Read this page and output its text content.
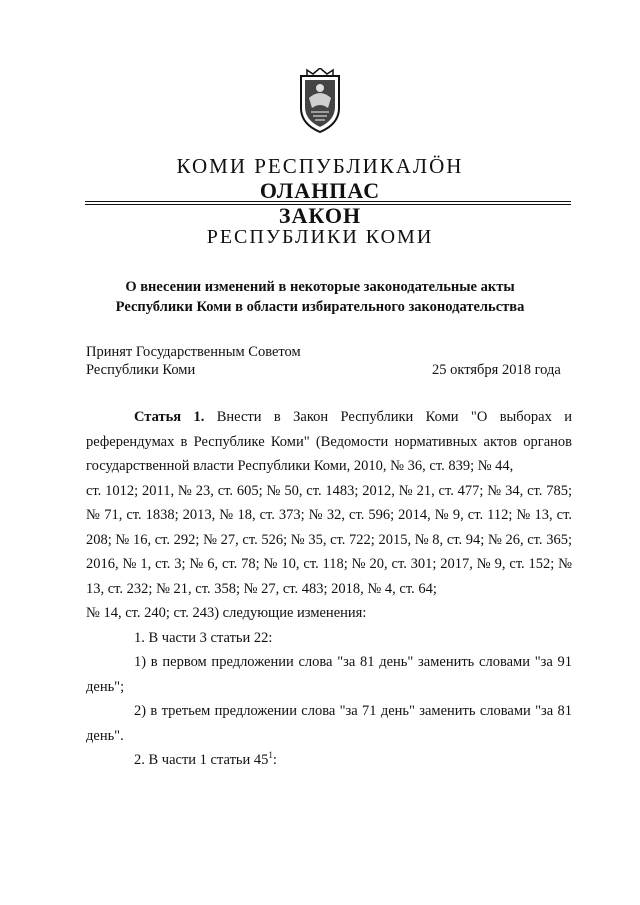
КОМИ РЕСПУБЛИКАЛӦН
ОЛАНПАС
ЗАКОН
РЕСПУБЛИКИ КОМИ
О внесении изменений в некоторые законодательные акты
Республики Коми в области избирательного законодательства
Принят Государственным Советом
Республики Коми	25 октября 2018 года

Статья 1. Внести в Закон Республики Коми "О выборах и референдумах в Республике Коми" (Ведомости нормативных актов органов государственной власти Республики Коми, 2010, № 36, ст. 839; № 44,

ст. 1012; 2011, № 23, ст. 605; № 50, ст. 1483; 2012, № 21, ст. 477; № 34, ст. 785; № 71, ст. 1838; 2013, № 18, ст. 373; № 32, ст. 596; 2014, № 9, ст. 112; № 13, ст. 208; № 16, ст. 292; № 27, ст. 526; № 35, ст. 722; 2015, № 8, ст. 94; № 26, ст. 365; 2016, № 1, ст. 3; № 6, ст. 78; № 10, ст. 118; № 20, ст. 301; 2017, № 9, ст. 152; № 13, ст. 232; № 21, ст. 358; № 27, ст. 483; 2018, № 4, ст. 64;

№ 14, ст. 240; ст. 243) следующие изменения:

1. В части 3 статьи 22:

1) в первом предложении слова "за 81 день" заменить словами "за 91 день";

2) в третьем предложении слова "за 71 день" заменить словами "за 81 день".

2. В части 1 статьи $45^1$:
